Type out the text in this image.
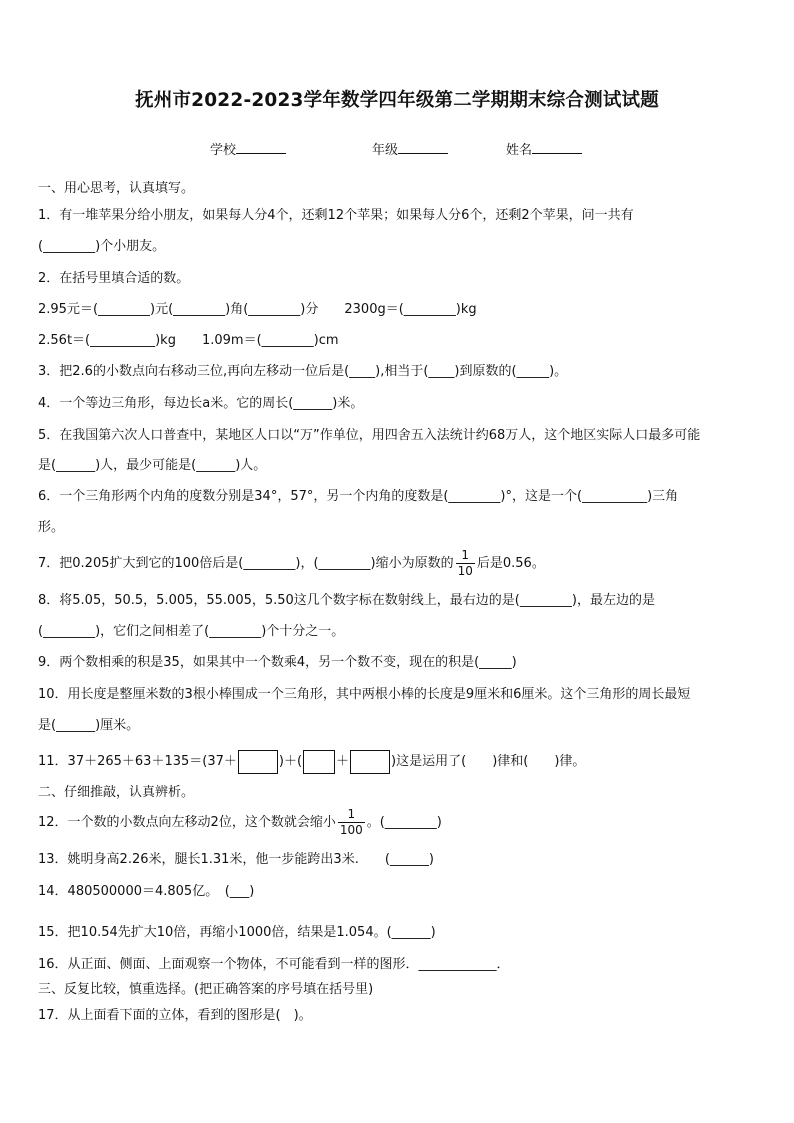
抚州市2022-2023学年数学四年级第二学期期末综合测试试题
学校	年级	姓名
一、用心思考，认真填写。
1．有一堆苹果分给小朋友，如果每人分4个，还剩12个苹果；如果每人分6个，还剩2个苹果，问一共有
(________)个小朋友。
2．在括号里填合适的数。
2.95元＝(________)元(________)角(________)分　　2300g＝(________)kg
2.56t＝(__________)kg　　1.09m＝(________)cm
3．把2.6的小数点向右移动三位,再向左移动一位后是(____),相当于(____)到原数的(_____)。
4．一个等边三角形，每边长a米。它的周长(______)米。
5．在我国第六次人口普查中，某地区人口以“万”作单位，用四舍五入法统计约68万人，这个地区实际人口最多可能
是(______)人，最少可能是(______)人。
6．一个三角形两个内角的度数分别是34°，57°，另一个内角的度数是(________)°，这是一个(__________)三角
形。
7．把0.205扩大到它的100倍后是(________)，(________)缩小为原数的 $\frac{1}{10}$ 后是0.56。
8．将5.05，50.5，5.005，55.005，5.50这几个数字标在数射线上，最右边的是(________)，最左边的是
(________)，它们之间相差了(________)个十分之一。
9．两个数相乘的积是35，如果其中一个数乘4，另一个数不变，现在的积是(_____)
10．用长度是整厘米数的3根小棒围成一个三角形，其中两根小棒的长度是9厘米和6厘米。这个三角形的周长最短
是(______)厘米。
11．37＋265＋63＋135＝(37＋	)＋(	＋	)这是运用了(　　)律和(　　)律。
二、仔细推敲，认真辨析。
12．一个数的小数点向左移动2位，这个数就会缩小 $\frac{1}{100}$ 。(________)
13．姚明身高2.26米，腿长1.31米，他一步能跨出3米.　　(______)
14．480500000＝4.805亿。　(___)
15．把10.54先扩大10倍，再缩小1000倍，结果是1.054。(______)
16．从正面、侧面、上面观察一个物体，不可能看到一样的图形．____________．
三、反复比较，慎重选择。(把正确答案的序号填在括号里)
17．从上面看下面的立体，看到的图形是(　)。
